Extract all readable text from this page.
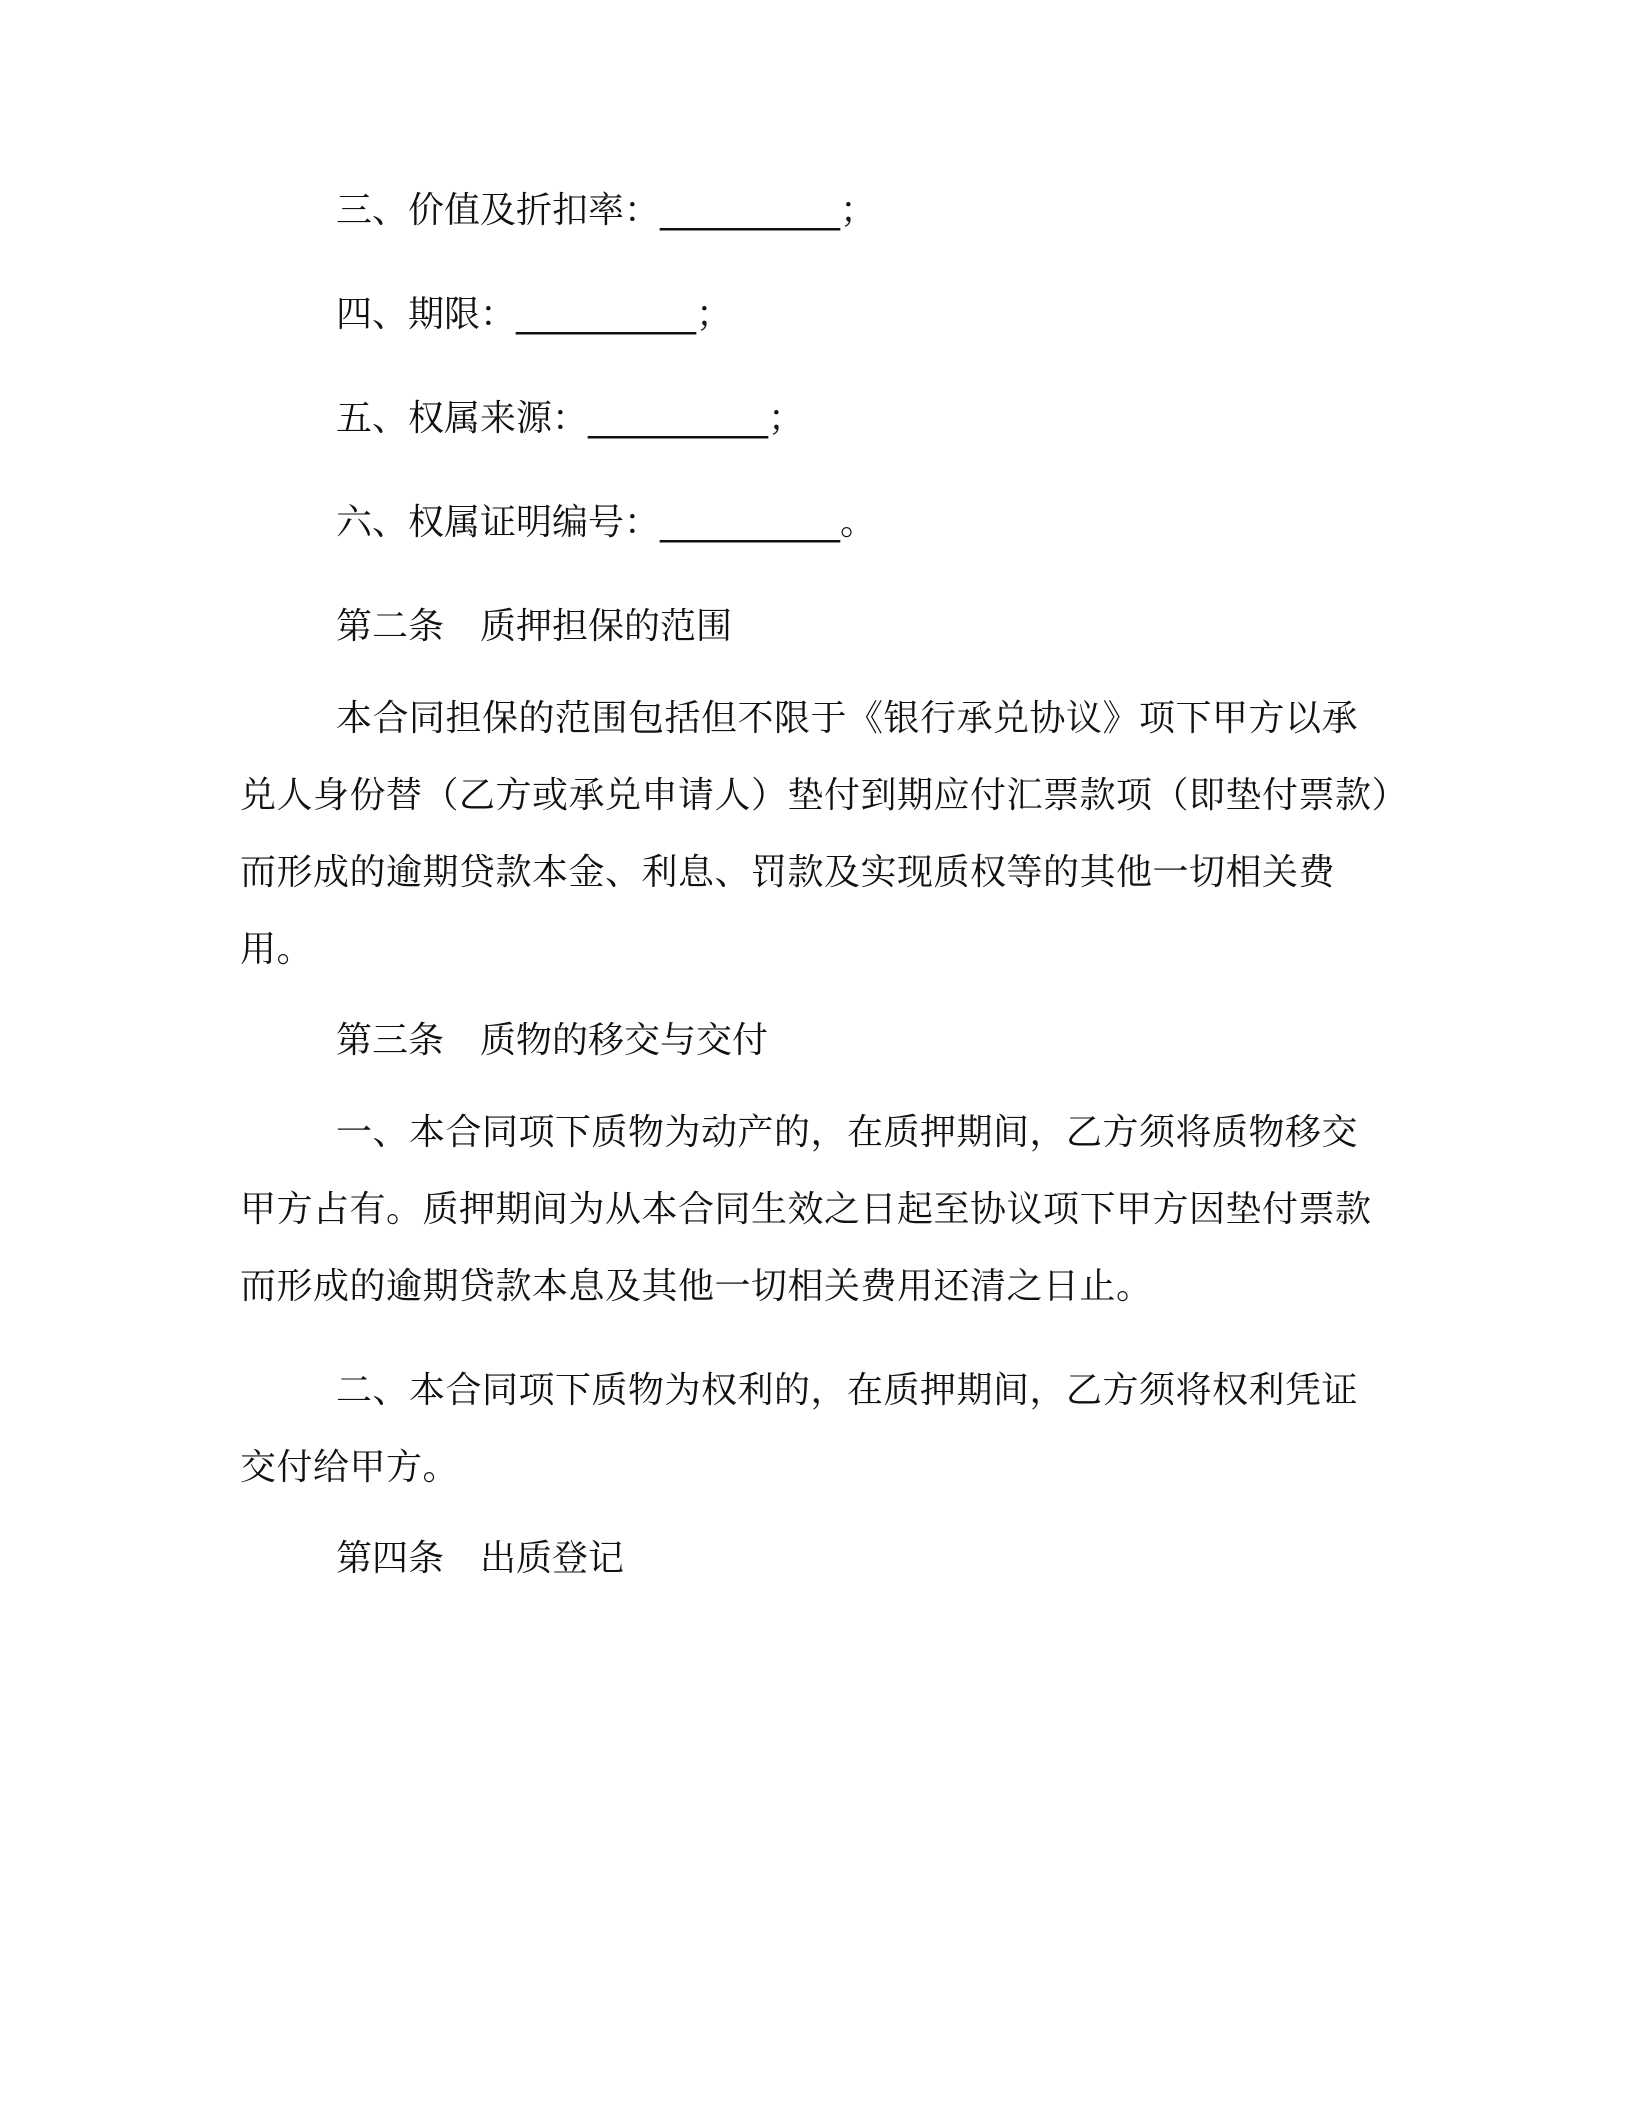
三、价值及折扣率：__________；

四、期限：__________；

五、权属来源：__________；

六、权属证明编号：__________。

第二条　质押担保的范围

本合同担保的范围包括但不限于《银行承兑协议》项下甲方以承兑人身份替（乙方或承兑申请人）垫付到期应付汇票款项（即垫付票款）而形成的逾期贷款本金、利息、罚款及实现质权等的其他一切相关费用。

第三条　质物的移交与交付

一、本合同项下质物为动产的，在质押期间，乙方须将质物移交甲方占有。质押期间为从本合同生效之日起至协议项下甲方因垫付票款而形成的逾期贷款本息及其他一切相关费用还清之日止。

二、本合同项下质物为权利的，在质押期间，乙方须将权利凭证交付给甲方。

第四条　出质登记
